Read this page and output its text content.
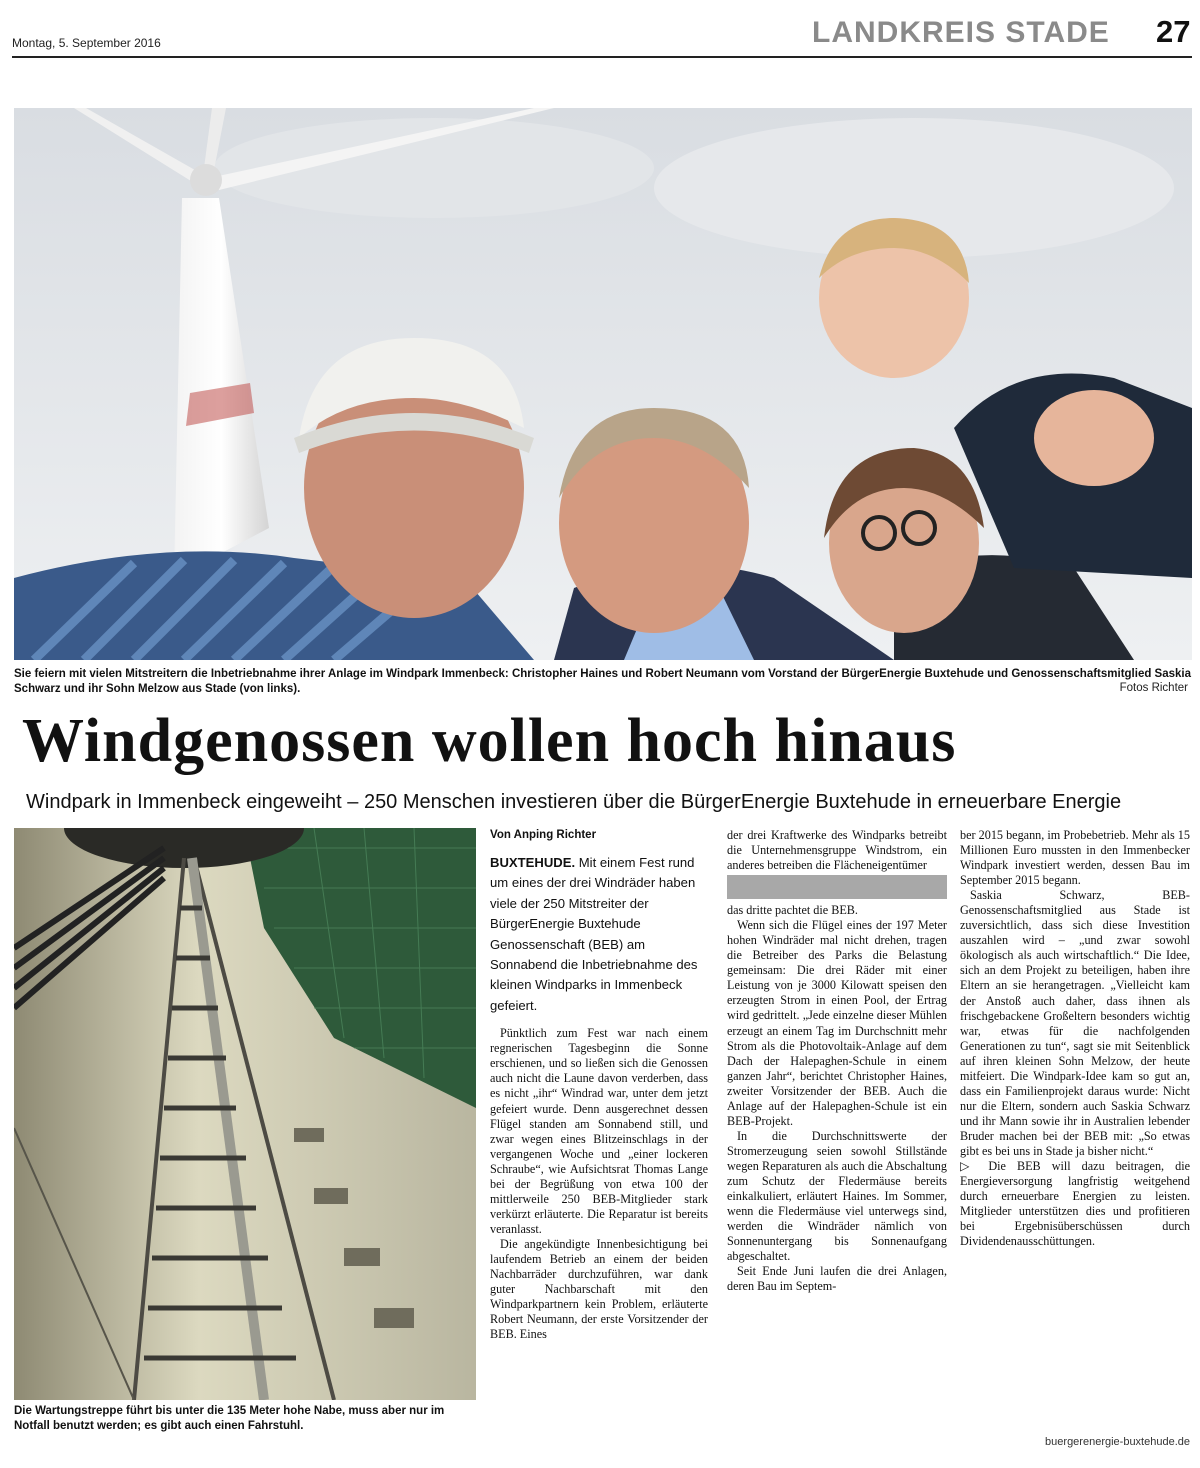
Montag, 5. September 2016	LANDKREIS STADE 27
Sie feiern mit vielen Mitstreitern die Inbetriebnahme ihrer Anlage im Windpark Immenbeck: Christopher Haines und Robert Neumann vom Vorstand der BürgerEnergie Buxtehude und Genossenschaftsmitglied Saskia Schwarz und ihr Sohn Melzow aus Stade (von links).	Fotos Richter
Windgenossen wollen hoch hinaus
Windpark in Immenbeck eingeweiht – 250 Menschen investieren über die BürgerEnergie Buxtehude in erneuerbare Energie
Die Wartungstreppe führt bis unter die 135 Meter hohe Nabe, muss aber nur im Notfall benutzt werden; es gibt auch einen Fahrstuhl.
Von Anping Richter
BUXTEHUDE. Mit einem Fest rund um eines der drei Windräder haben viele der 250 Mitstreiter der BürgerEnergie Buxtehude Genossenschaft (BEB) am Sonnabend die Inbetriebnahme des kleinen Windparks in Immenbeck gefeiert.

Pünktlich zum Fest war nach einem regnerischen Tagesbeginn die Sonne erschienen, und so ließen sich die Genossen auch nicht die Laune davon verderben, dass es nicht „ihr“ Windrad war, unter dem jetzt gefeiert wurde. Denn ausgerechnet dessen Flügel standen am Sonnabend still, und zwar wegen eines Blitzeinschlags in der vergangenen Woche und „einer lockeren Schraube“, wie Aufsichtsrat Thomas Lange bei der Begrüßung von etwa 100 der mittlerweile 250 BEB-Mitglieder stark verkürzt erläuterte. Die Reparatur ist bereits veranlasst.

Die angekündigte Innenbesichtigung bei laufendem Betrieb an einem der beiden Nachbarräder durchzuführen, war dank guter Nachbarschaft mit den Windparkpartnern kein Problem, erläuterte Robert Neumann, der erste Vorsitzender der BEB. Eines

der drei Kraftwerke des Windparks betreibt die Unternehmensgruppe Windstrom, ein anderes betreiben die Flächeneigentümer

das dritte pachtet die BEB.

Wenn sich die Flügel eines der 197 Meter hohen Windräder mal nicht drehen, tragen die Betreiber des Parks die Belastung gemeinsam: Die drei Räder mit einer Leistung von je 3000 Kilowatt speisen den erzeugten Strom in einen Pool, der Ertrag wird gedrittelt. „Jede einzelne dieser Mühlen erzeugt an einem Tag im Durchschnitt mehr Strom als die Photovoltaik-Anlage auf dem Dach der Halepaghen-Schule in einem ganzen Jahr“, berichtet Christopher Haines, zweiter Vorsitzender der BEB. Auch die Anlage auf der Halepaghen-Schule ist ein BEB-Projekt.

In die Durchschnittswerte der Stromerzeugung seien sowohl Stillstände wegen Reparaturen als auch die Abschaltung zum Schutz der Fledermäuse bereits einkalkuliert, erläutert Haines. Im Sommer, wenn die Fledermäuse viel unterwegs sind, werden die Windräder nämlich von Sonnenuntergang bis Sonnenaufgang abgeschaltet.

Seit Ende Juni laufen die drei Anlagen, deren Bau im Septem-

ber 2015 begann, im Probebetrieb. Mehr als 15 Millionen Euro mussten in den Immenbecker Windpark investiert werden, dessen Bau im September 2015 begann.

Saskia Schwarz, BEB-Genossenschaftsmitglied aus Stade ist zuversichtlich, dass sich diese Investition auszahlen wird – „und zwar sowohl ökologisch als auch wirtschaftlich.“ Die Idee, sich an dem Projekt zu beteiligen, haben ihre Eltern an sie herangetragen. „Vielleicht kam der Anstoß auch daher, dass ihnen als frischgebackene Großeltern besonders wichtig war, etwas für die nachfolgenden Generationen zu tun“, sagt sie mit Seitenblick auf ihren kleinen Sohn Melzow, der heute mitfeiert. Die Windpark-Idee kam so gut an, dass ein Familienprojekt daraus wurde: Nicht nur die Eltern, sondern auch Saskia Schwarz und ihr Mann sowie ihr in Australien lebender Bruder machen bei der BEB mit: „So etwas gibt es bei uns in Stade ja bisher nicht.“

▷ Die BEB will dazu beitragen, die Energieversorgung langfristig weitgehend durch erneuerbare Energien zu leisten. Mitglieder unterstützen dies und profitieren bei Ergebnisüberschüssen durch Dividendenausschüttungen.

buergerenergie-buxtehude.de
